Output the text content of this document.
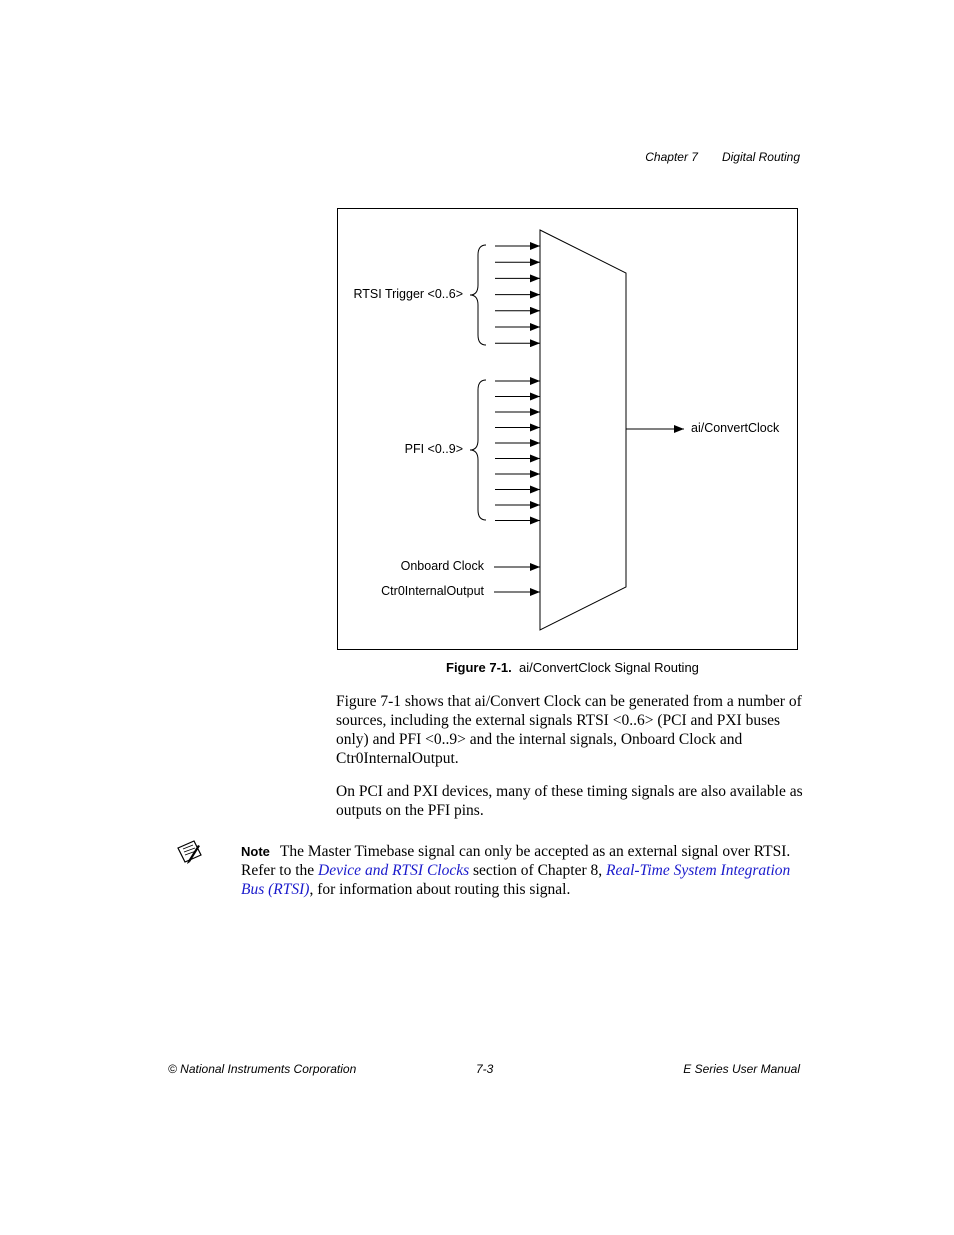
Chapter 7 Digital Routing
RTSI Trigger <0..6>
PFI <0..9>
Onboard Clock
Ctr0InternalOutput
ai/ConvertClock
Figure 7-1. ai/ConvertClock Signal Routing

Figure 7-1 shows that ai/Convert Clock can be generated from a number of sources, including the external signals RTSI <0..6> (PCI and PXI buses only) and PFI <0..9> and the internal signals, Onboard Clock and Ctr0InternalOutput.

On PCI and PXI devices, many of these timing signals are also available as outputs on the PFI pins.

Note The Master Timebase signal can only be accepted as an external signal over RTSI. Refer to the Device and RTSI Clocks section of Chapter 8, Real-Time System Integration Bus (RTSI), for information about routing this signal.
© National Instruments Corporation	7-3	E Series User Manual
